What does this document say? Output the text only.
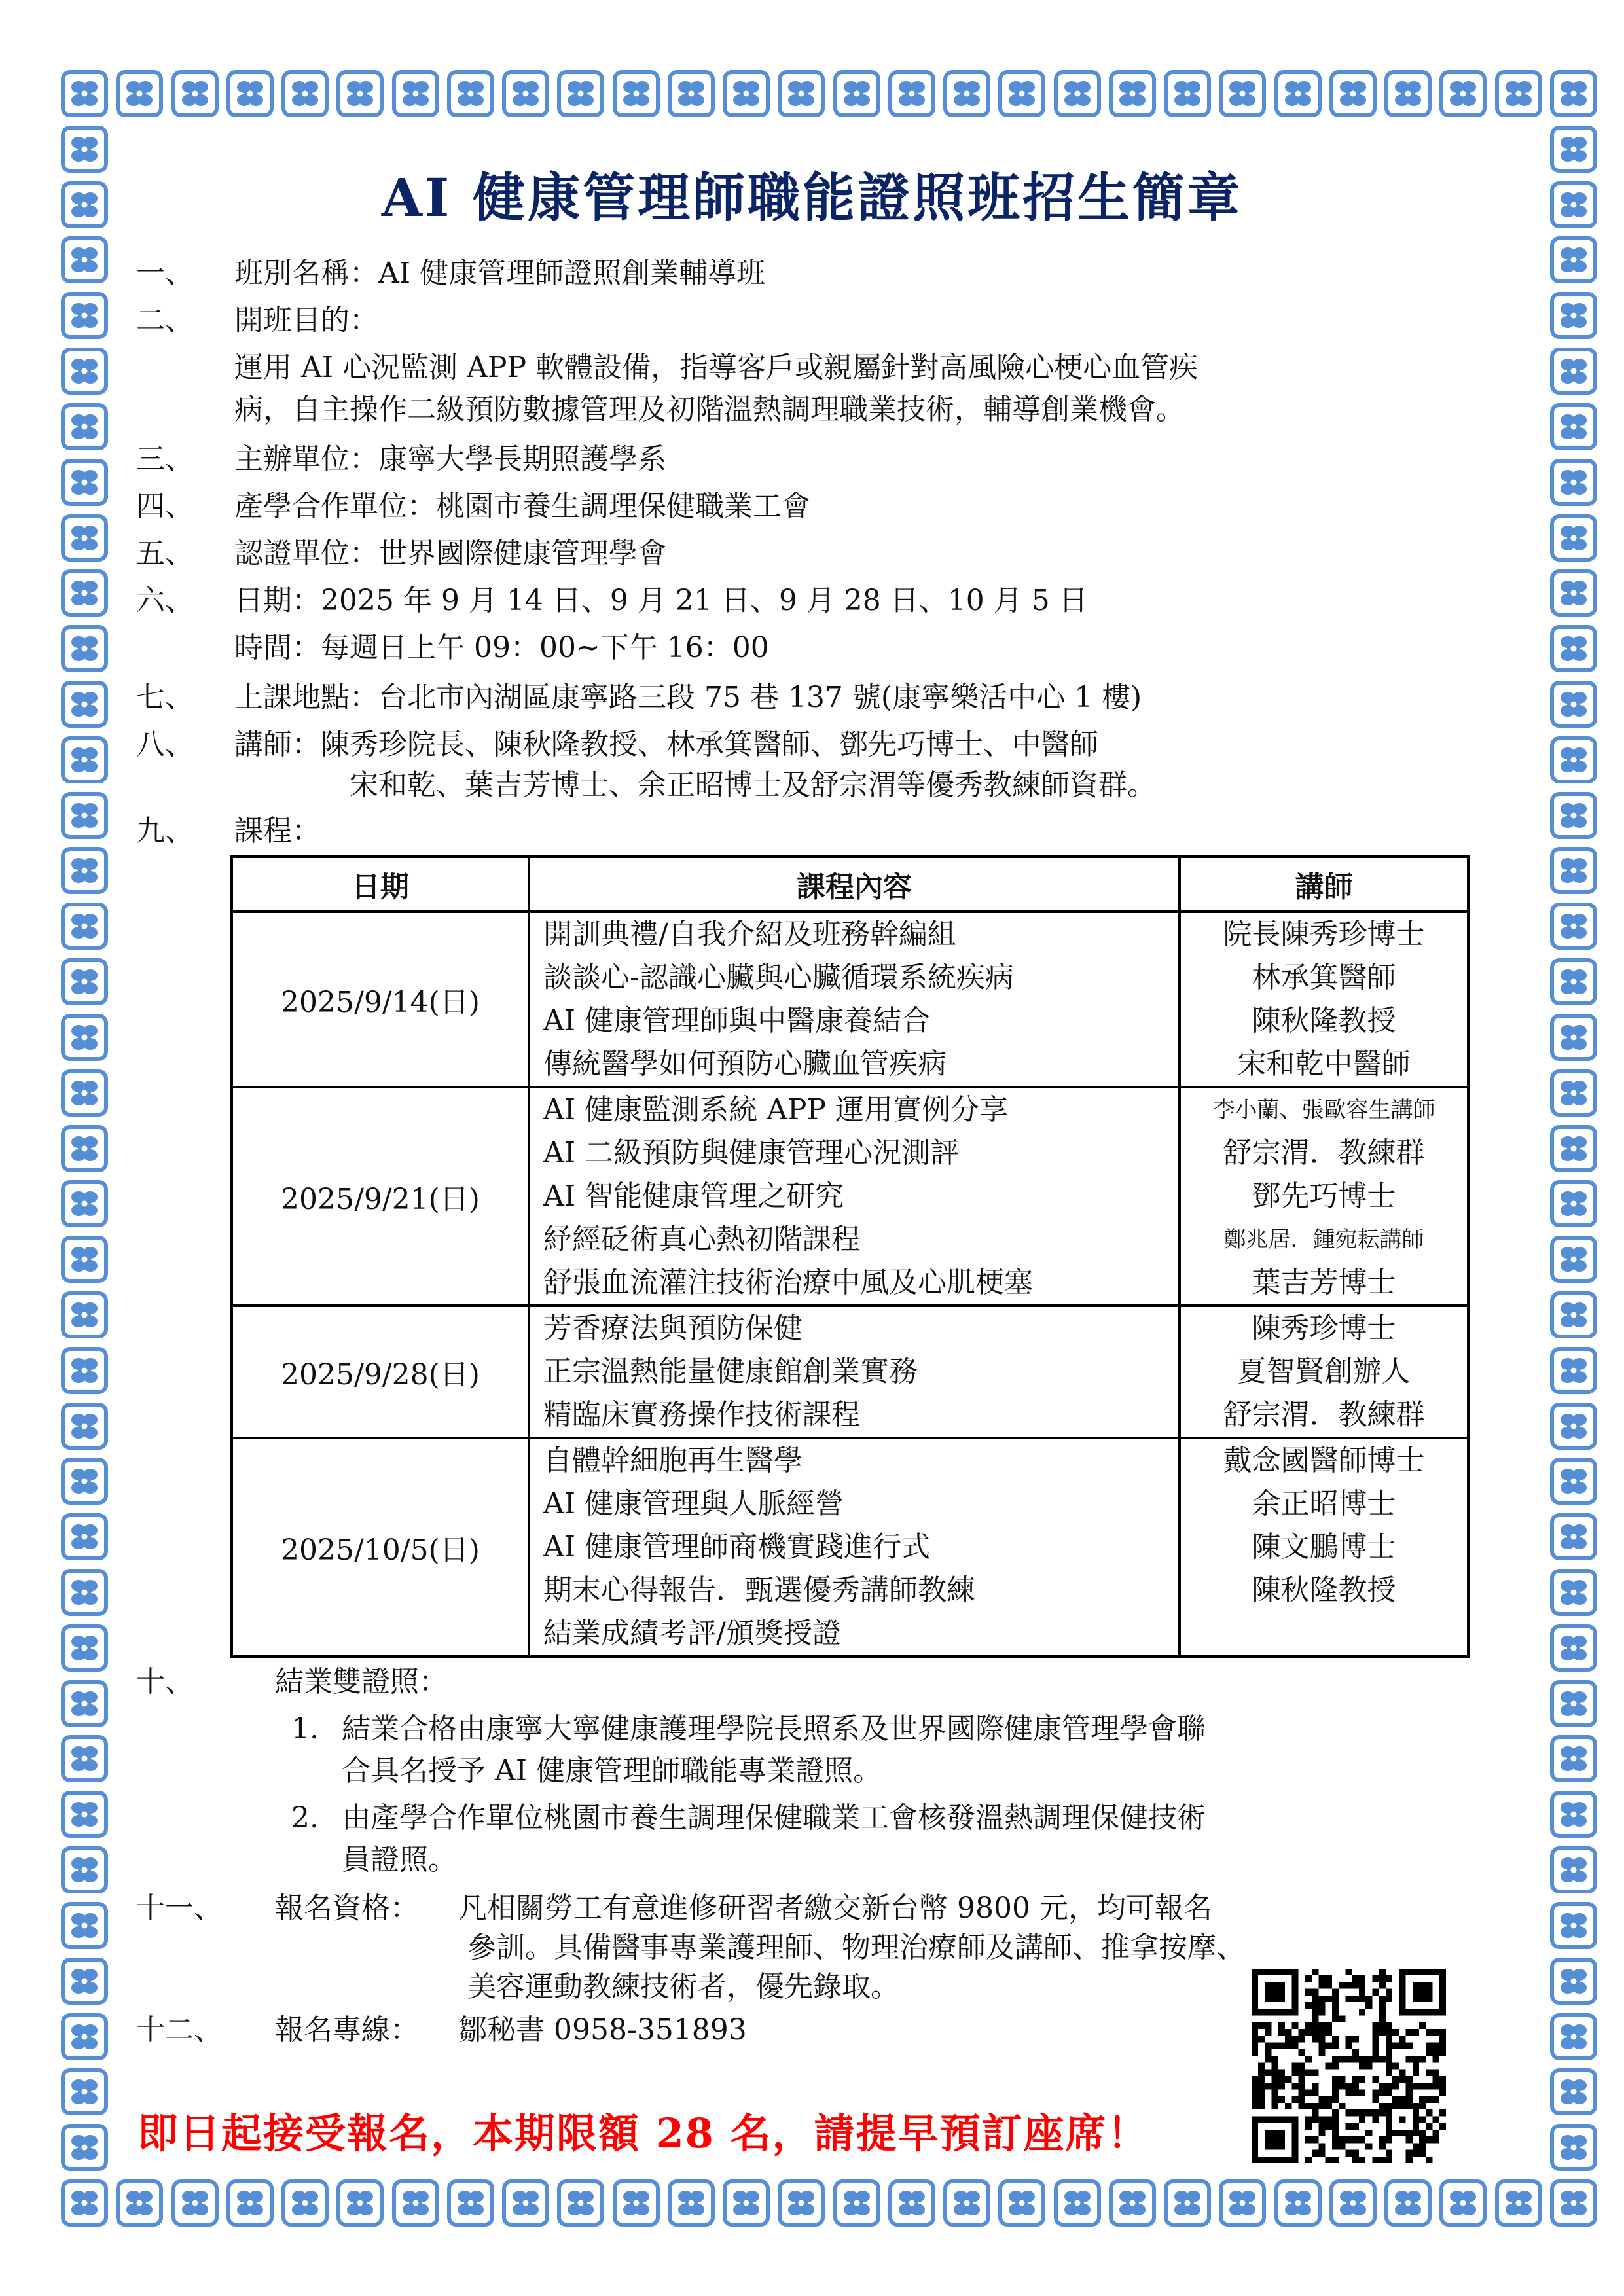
AI 健康管理師職能證照班招生簡章
一、 班別名稱：AI 健康管理師證照創業輔導班
二、 開班目的：
運用 AI 心況監測 APP 軟體設備，指導客戶或親屬針對高風險心梗心血管疾
病，自主操作二級預防數據管理及初階溫熱調理職業技術，輔導創業機會。
三、 主辦單位：康寧大學長期照護學系
四、 產學合作單位：桃園市養生調理保健職業工會
五、 認證單位：世界國際健康管理學會
六、 日期：2025 年 9 月 14 日、9 月 21 日、9 月 28 日、10 月 5 日
時間：每週日上午 09：00~下午 16：00
七、 上課地點：台北市內湖區康寧路三段 75 巷 137 號(康寧樂活中心 1 樓)
八、 講師：陳秀珍院長、陳秋隆教授、林承箕醫師、鄧先巧博士、中醫師
宋和乾、葉吉芳博士、余正昭博士及舒宗渭等優秀教練師資群。
九、 課程：
日期	課程內容	講師
2025/9/14(日)	開訓典禮/自我介紹及班務幹編組
談談心-認識心臟與心臟循環系統疾病
AI 健康管理師與中醫康養結合
傳統醫學如何預防心臟血管疾病	院長陳秀珍博士
林承箕醫師
陳秋隆教授
宋和乾中醫師

2025/9/21(日)	AI 健康監測系統 APP 運用實例分享
AI 二級預防與健康管理心況測評
AI 智能健康管理之研究
紓經砭術真心熱初階課程
舒張血流灌注技術治療中風及心肌梗塞	李小蘭、張歐容生講師
舒宗渭．教練群
鄧先巧博士
鄭兆居．鍾宛耘講師
葉吉芳博士

2025/9/28(日)	芳香療法與預防保健
正宗溫熱能量健康館創業實務
精臨床實務操作技術課程	陳秀珍博士
夏智賢創辦人
舒宗渭．教練群

2025/10/5(日)	自體幹細胞再生醫學
AI 健康管理與人脈經營
AI 健康管理師商機實踐進行式
期末心得報告．甄選優秀講師教練
結業成績考評/頒獎授證	戴念國醫師博士
余正昭博士
陳文鵬博士
陳秋隆教授
十、	結業雙證照：
1. 結業合格由康寧大寧健康護理學院長照系及世界國際健康管理學會聯
合具名授予 AI 健康管理師職能專業證照。
2. 由產學合作單位桃園市養生調理保健職業工會核發溫熱調理保健技術
員證照。
十一、 報名資格： 凡相關勞工有意進修研習者繳交新台幣 9800 元，均可報名
參訓。具備醫事專業護理師、物理治療師及講師、推拿按摩、
美容運動教練技術者，優先錄取。
十二、 報名專線： 鄒秘書 0958-351893
即日起接受報名，本期限額 28 名，請提早預訂座席！
